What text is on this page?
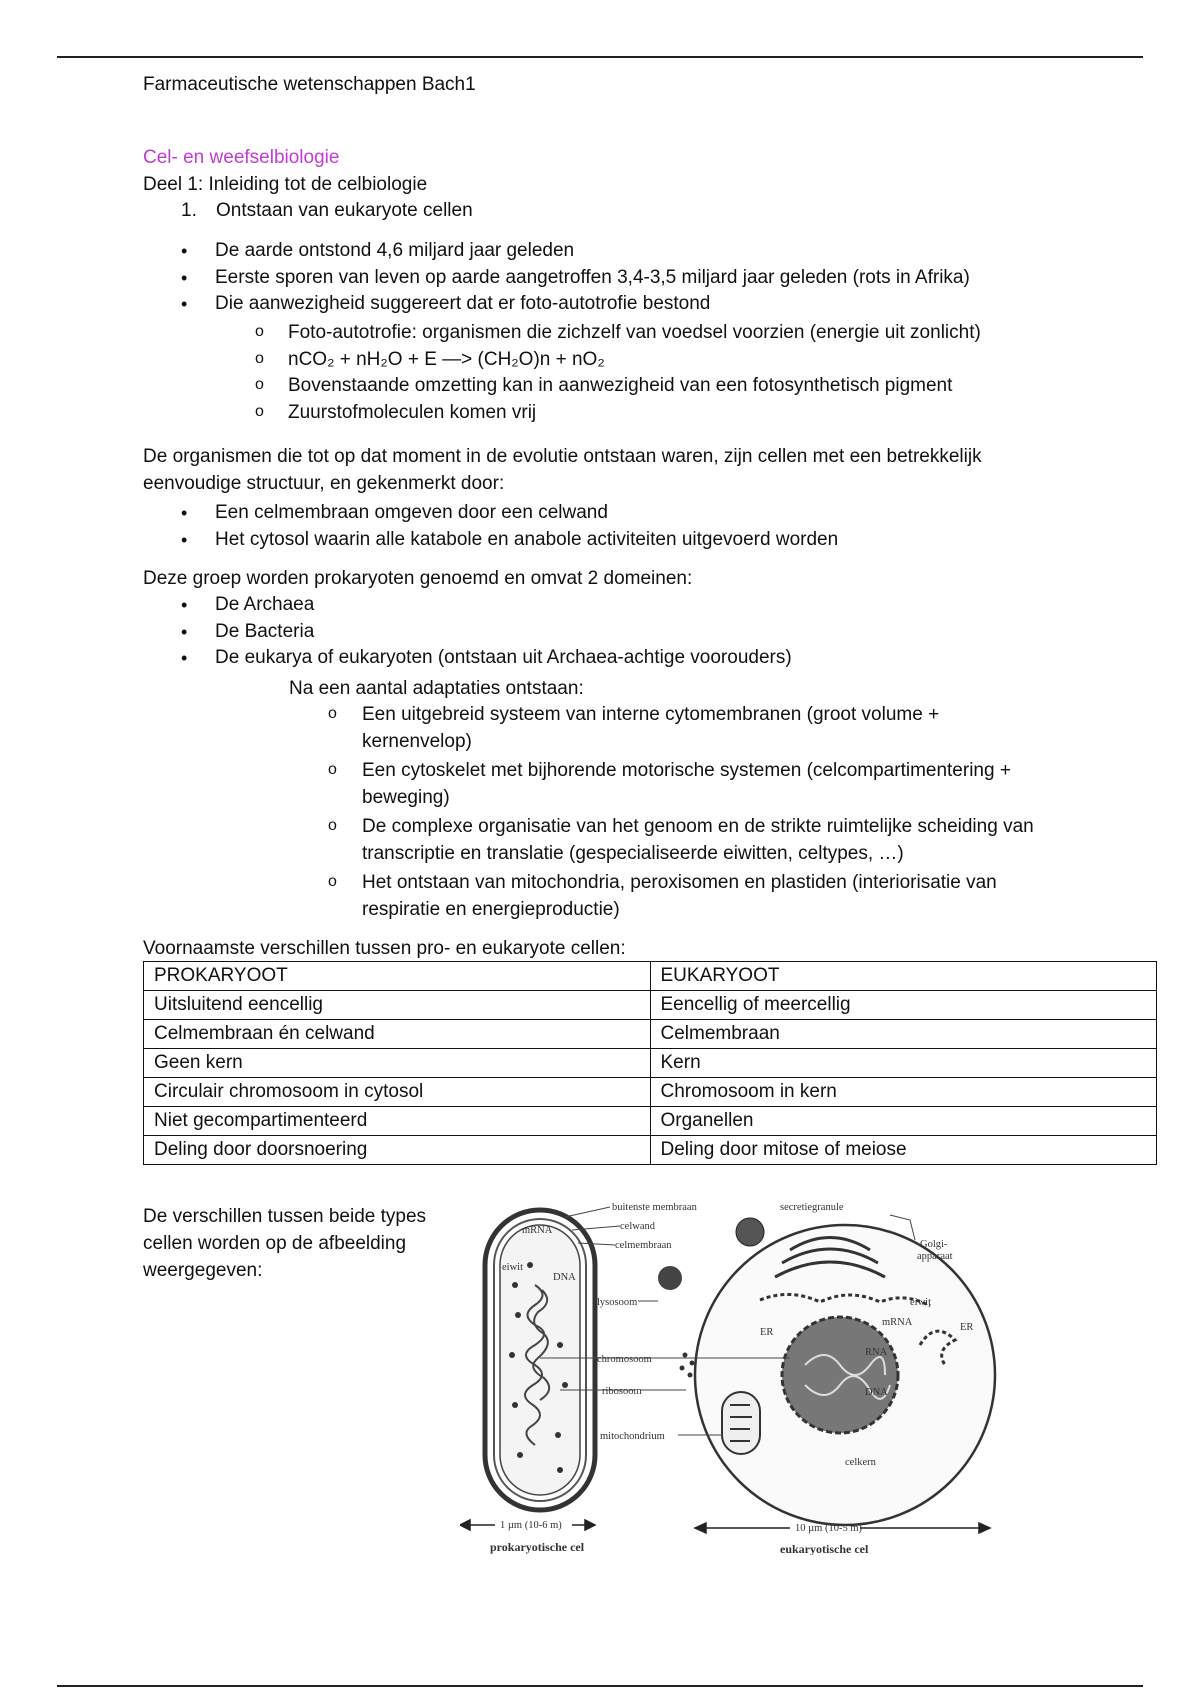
Farmaceutische wetenschappen Bach1
Cel- en weefselbiologie
Deel 1: Inleiding tot de celbiologie
1. Ontstaan van eukaryote cellen
• De aarde ontstond 4,6 miljard jaar geleden
• Eerste sporen van leven op aarde aangetroffen 3,4-3,5 miljard jaar geleden (rots in Afrika)
• Die aanwezigheid suggereert dat er foto-autotrofie bestond
o Foto-autotrofie: organismen die zichzelf van voedsel voorzien (energie uit zonlicht)
o nCO₂ + nH₂O + E —> (CH₂O)n + nO₂
o Bovenstaande omzetting kan in aanwezigheid van een fotosynthetisch pigment
o Zuurstofmoleculen komen vrij
De organismen die tot op dat moment in de evolutie ontstaan waren, zijn cellen met een betrekkelijk eenvoudige structuur, en gekenmerkt door:
• Een celmembraan omgeven door een celwand
• Het cytosol waarin alle katabole en anabole activiteiten uitgevoerd worden
Deze groep worden prokaryoten genoemd en omvat 2 domeinen:
• De Archaea
• De Bacteria
• De eukarya of eukaryoten (ontstaan uit Archaea-achtige voorouders)
Na een aantal adaptaties ontstaan:
o Een uitgebreid systeem van interne cytomembranen (groot volume + kernenvelop)
o Een cytoskelet met bijhorende motorische systemen (celcompartimentering + beweging)
o De complexe organisatie van het genoom en de strikte ruimtelijke scheiding van transcriptie en translatie (gespecialiseerde eiwitten, celtypes, …)
o Het ontstaan van mitochondria, peroxisomen en plastiden (interiorisatie van respiratie en energieproductie)
Voornaamste verschillen tussen pro- en eukaryote cellen:
PROKARYOOT	EUKARYOOT
Uitsluitend eencellig	Eencellig of meercellig
Celmembraan én celwand	Celmembraan
Geen kern	Kern
Circulair chromosoom in cytosol	Chromosoom in kern
Niet gecompartimenteerd	Organellen
Deling door doorsnoering	Deling door mitose of meiose
De verschillen tussen beide types cellen worden op de afbeelding weergegeven:
buitenste membraan
celwand
celmembraan
mRNA
eiwit
DNA
lysosoom
chromosoom
ribosoom
mitochondrium
secretiegranule
Golgi-
apparaat
eiwit
mRNA
ER	ER
RNA
DNA
celkern
1 µm (10-6 m)	10 µm (10-5 m)
prokaryotische cel	eukaryotische cel
